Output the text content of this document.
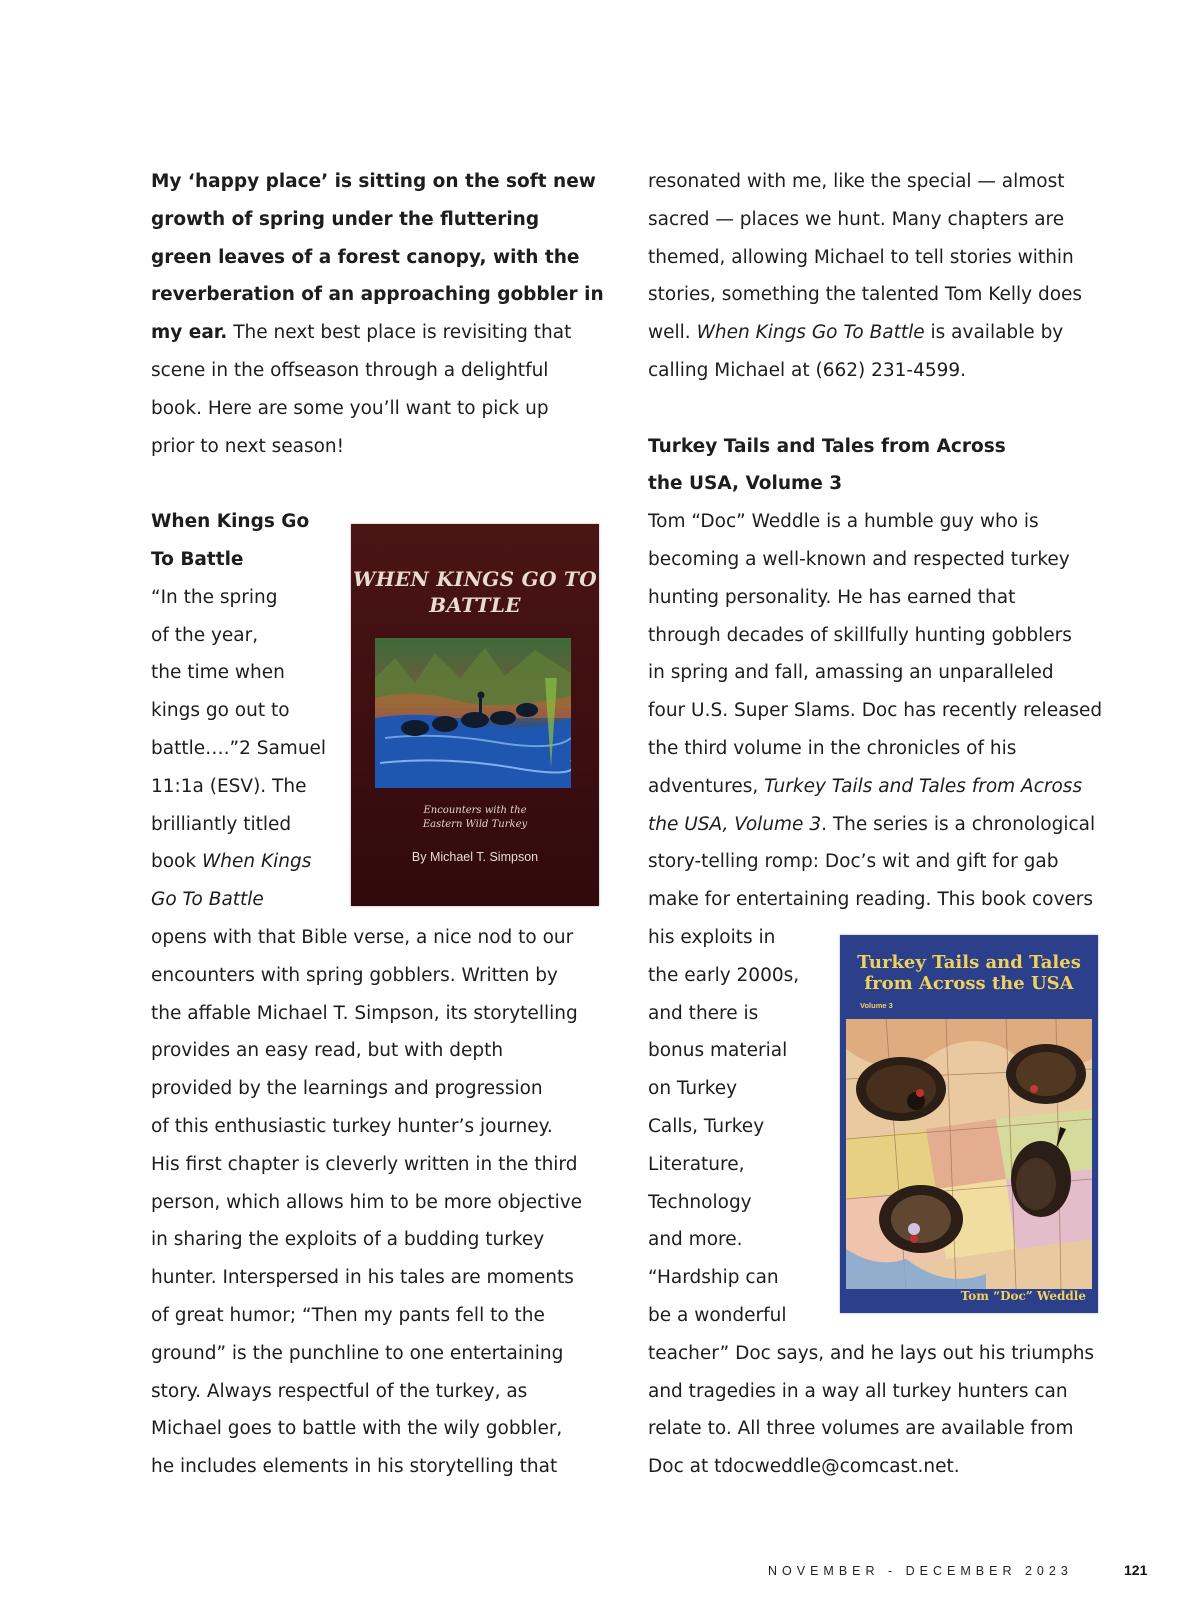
My ‘happy place’ is sitting on the soft new
growth of spring under the fluttering
green leaves of a forest canopy, with the
reverberation of an approaching gobbler in
my ear. The next best place is revisiting that
scene in the offseason through a delightful
book. Here are some you’ll want to pick up
prior to next season!
When Kings Go
To Battle
“In the spring
of the year,
the time when
kings go out to
battle….”2 Samuel
11:1a (ESV). The
brilliantly titled
book When Kings
Go To Battle
opens with that Bible verse, a nice nod to our
encounters with spring gobblers. Written by
the affable Michael T. Simpson, its storytelling
provides an easy read, but with depth
provided by the learnings and progression
of this enthusiastic turkey hunter’s journey.
His first chapter is cleverly written in the third
person, which allows him to be more objective
in sharing the exploits of a budding turkey
hunter. Interspersed in his tales are moments
of great humor; “Then my pants fell to the
ground” is the punchline to one entertaining
story. Always respectful of the turkey, as
Michael goes to battle with the wily gobbler,
he includes elements in his storytelling that
WHEN KINGS GO TO
BATTLE
Encounters with the
Eastern Wild Turkey
By Michael T. Simpson
resonated with me, like the special — almost
sacred — places we hunt. Many chapters are
themed, allowing Michael to tell stories within
stories, something the talented Tom Kelly does
well. When Kings Go To Battle is available by
calling Michael at (662) 231-4599.
Turkey Tails and Tales from Across
the USA, Volume 3
Tom “Doc” Weddle is a humble guy who is
becoming a well-known and respected turkey
hunting personality. He has earned that
through decades of skillfully hunting gobblers
in spring and fall, amassing an unparalleled
four U.S. Super Slams. Doc has recently released
the third volume in the chronicles of his
adventures, Turkey Tails and Tales from Across
the USA, Volume 3. The series is a chronological
story-telling romp: Doc’s wit and gift for gab
make for entertaining reading. This book covers
his exploits in
the early 2000s,
and there is
bonus material
on Turkey
Calls, Turkey
Literature,
Technology
and more.
“Hardship can
be a wonderful
teacher” Doc says, and he lays out his triumphs
and tragedies in a way all turkey hunters can
relate to. All three volumes are available from
Doc at tdocweddle@comcast.net.
Turkey Tails and Tales
from Across the USA
Volume 3
Tom “Doc” Weddle
NOVEMBER - DECEMBER 2023	121
